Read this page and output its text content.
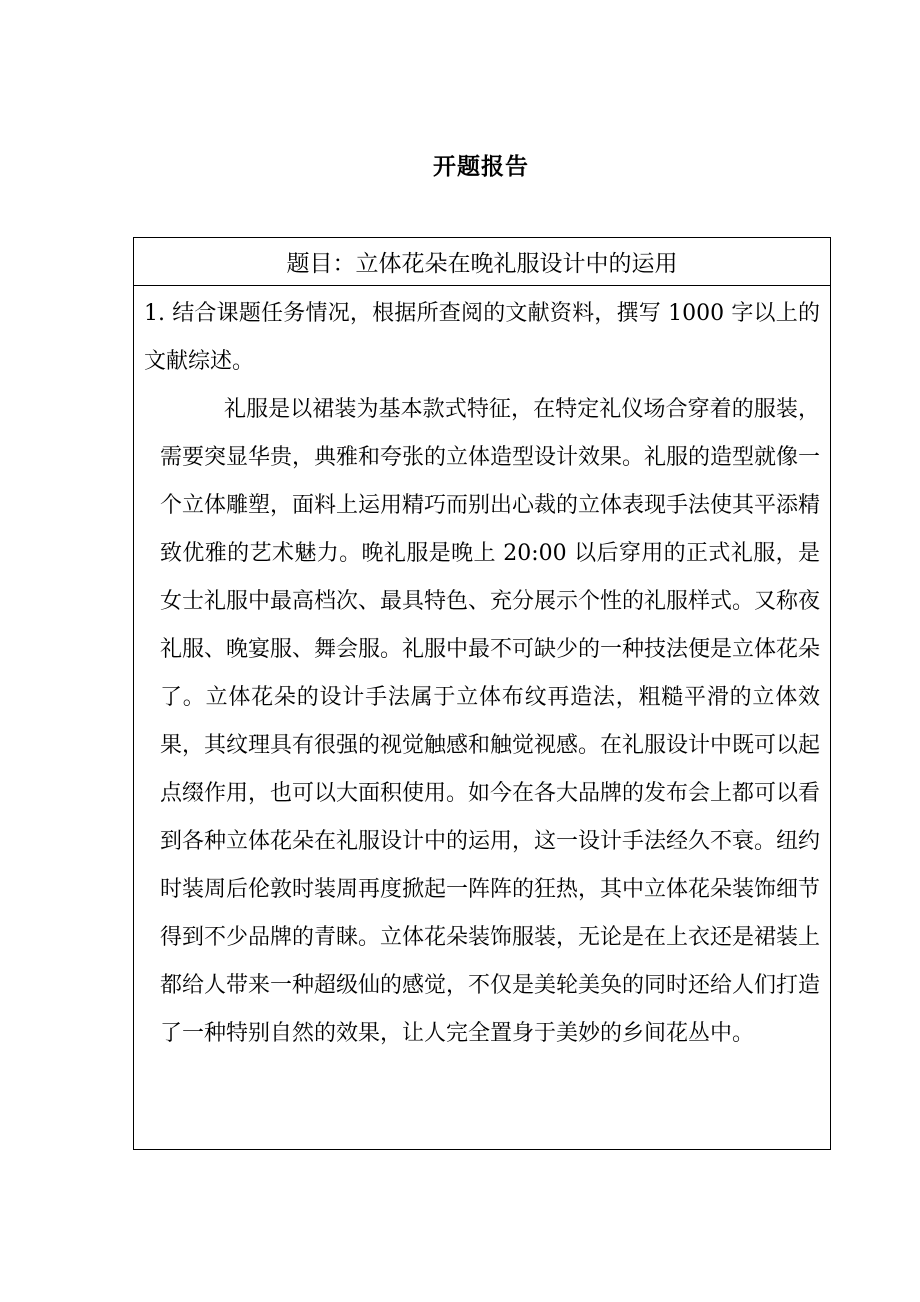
开题报告
题目：立体花朵在晚礼服设计中的运用

1. 结合课题任务情况，根据所查阅的文献资料，撰写 1000 字以上的文献综述。

礼服是以裙装为基本款式特征，在特定礼仪场合穿着的服装，需要突显华贵，典雅和夸张的立体造型设计效果。礼服的造型就像一个立体雕塑，面料上运用精巧而别出心裁的立体表现手法使其平添精致优雅的艺术魅力。晚礼服是晚上 20:00 以后穿用的正式礼服，是女士礼服中最高档次、最具特色、充分展示个性的礼服样式。又称夜礼服、晚宴服、舞会服。礼服中最不可缺少的一种技法便是立体花朵了。立体花朵的设计手法属于立体布纹再造法，粗糙平滑的立体效果，其纹理具有很强的视觉触感和触觉视感。在礼服设计中既可以起点缀作用，也可以大面积使用。如今在各大品牌的发布会上都可以看到各种立体花朵在礼服设计中的运用，这一设计手法经久不衰。纽约时装周后伦敦时装周再度掀起一阵阵的狂热，其中立体花朵装饰细节得到不少品牌的青睐。立体花朵装饰服装，无论是在上衣还是裙装上都给人带来一种超级仙的感觉，不仅是美轮美奂的同时还给人们打造了一种特别自然的效果，让人完全置身于美妙的乡间花丛中。
